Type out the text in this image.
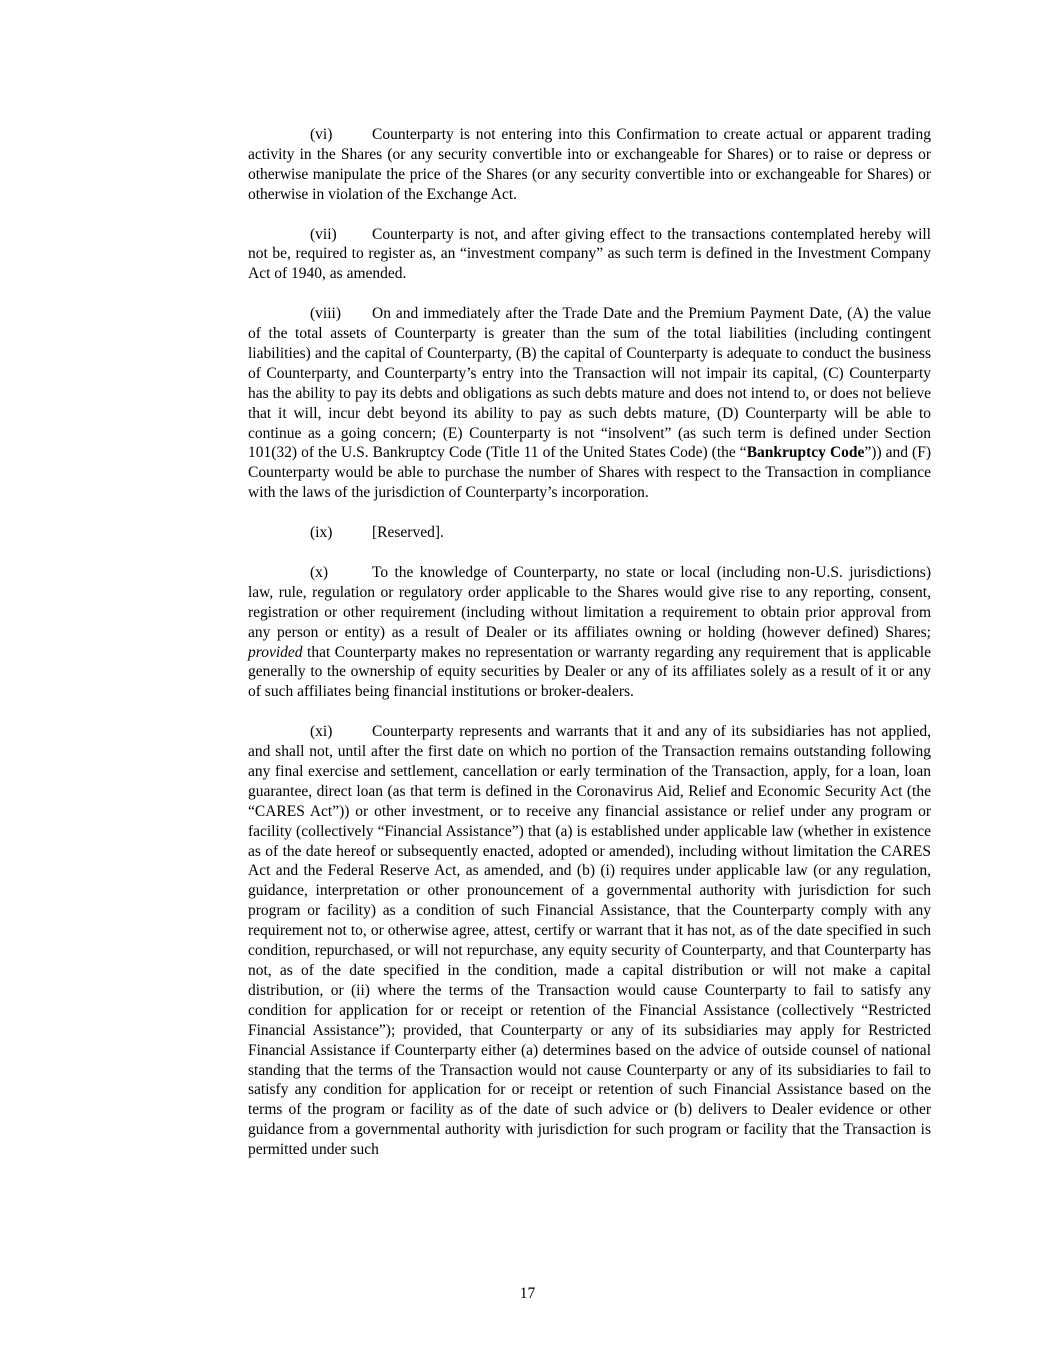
(vi)	Counterparty is not entering into this Confirmation to create actual or apparent trading activity in the Shares (or any security convertible into or exchangeable for Shares) or to raise or depress or otherwise manipulate the price of the Shares (or any security convertible into or exchangeable for Shares) or otherwise in violation of the Exchange Act.

(vii) Counterparty is not, and after giving effect to the transactions contemplated hereby will not be, required to register as, an “investment company” as such term is defined in the Investment Company Act of 1940, as amended.

(viii) On and immediately after the Trade Date and the Premium Payment Date, (A) the value of the total assets of Counterparty is greater than the sum of the total liabilities (including contingent liabilities) and the capital of Counterparty, (B) the capital of Counterparty is adequate to conduct the business of Counterparty, and Counterparty’s entry into the Transaction will not impair its capital, (C) Counterparty has the ability to pay its debts and obligations as such debts mature and does not intend to, or does not believe that it will, incur debt beyond its ability to pay as such debts mature, (D) Counterparty will be able to continue as a going concern; (E) Counterparty is not “insolvent” (as such term is defined under Section 101(32) of the U.S. Bankruptcy Code (Title 11 of the United States Code) (the “Bankruptcy Code”)) and (F) Counterparty would be able to purchase the number of Shares with respect to the Transaction in compliance with the laws of the jurisdiction of Counterparty’s incorporation.

(ix)	[Reserved].

(x)	To the knowledge of Counterparty, no state or local (including non-U.S. jurisdictions) law, rule, regulation or regulatory order applicable to the Shares would give rise to any reporting, consent, registration or other requirement (including without limitation a requirement to obtain prior approval from any person or entity) as a result of Dealer or its affiliates owning or holding (however defined) Shares; provided that Counterparty makes no representation or warranty regarding any requirement that is applicable generally to the ownership of equity securities by Dealer or any of its affiliates solely as a result of it or any of such affiliates being financial institutions or broker-dealers.

(xi)	Counterparty represents and warrants that it and any of its subsidiaries has not applied, and shall not, until after the first date on which no portion of the Transaction remains outstanding following any final exercise and settlement, cancellation or early termination of the Transaction, apply, for a loan, loan guarantee, direct loan (as that term is defined in the Coronavirus Aid, Relief and Economic Security Act (the “CARES Act”)) or other investment, or to receive any financial assistance or relief under any program or facility (collectively “Financial Assistance”) that (a) is established under applicable law (whether in existence as of the date hereof or subsequently enacted, adopted or amended), including without limitation the CARES Act and the Federal Reserve Act, as amended, and (b) (i) requires under applicable law (or any regulation, guidance, interpretation or other pronouncement of a governmental authority with jurisdiction for such program or facility) as a condition of such Financial Assistance, that the Counterparty comply with any requirement not to, or otherwise agree, attest, certify or warrant that it has not, as of the date specified in such condition, repurchased, or will not repurchase, any equity security of Counterparty, and that Counterparty has not, as of the date specified in the condition, made a capital distribution or will not make a capital distribution, or (ii) where the terms of the Transaction would cause Counterparty to fail to satisfy any condition for application for or receipt or retention of the Financial Assistance (collectively “Restricted Financial Assistance”); provided, that Counterparty or any of its subsidiaries may apply for Restricted Financial Assistance if Counterparty either (a) determines based on the advice of outside counsel of national standing that the terms of the Transaction would not cause Counterparty or any of its subsidiaries to fail to satisfy any condition for application for or receipt or retention of such Financial Assistance based on the terms of the program or facility as of the date of such advice or (b) delivers to Dealer evidence or other guidance from a governmental authority with jurisdiction for such program or facility that the Transaction is permitted under such

17
